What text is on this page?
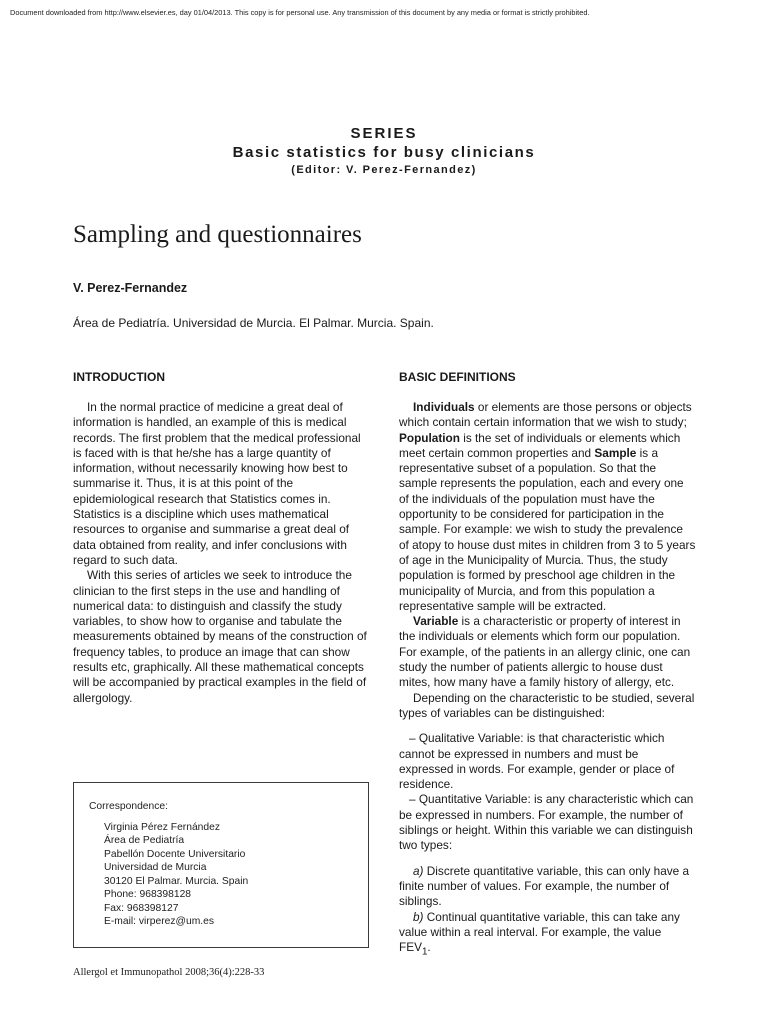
Document downloaded from http://www.elsevier.es, day 01/04/2013. This copy is for personal use. Any transmission of this document by any media or format is strictly prohibited.
SERIES
Basic statistics for busy clinicians
(Editor: V. Perez-Fernandez)
Sampling and questionnaires
V. Perez-Fernandez
Área de Pediatría. Universidad de Murcia. El Palmar. Murcia. Spain.
INTRODUCTION

In the normal practice of medicine a great deal of information is handled, an example of this is medical records. The first problem that the medical professional is faced with is that he/she has a large quantity of information, without necessarily knowing how best to summarise it. Thus, it is at this point of the epidemiological research that Statistics comes in. Statistics is a discipline which uses mathematical resources to organise and summarise a great deal of data obtained from reality, and infer conclusions with regard to such data.

With this series of articles we seek to introduce the clinician to the first steps in the use and handling of numerical data: to distinguish and classify the study variables, to show how to organise and tabulate the measurements obtained by means of the construction of frequency tables, to produce an image that can show results etc, graphically. All these mathematical concepts will be accompanied by practical examples in the field of allergology.

BASIC DEFINITIONS

Individuals or elements are those persons or objects which contain certain information that we wish to study; Population is the set of individuals or elements which meet certain common properties and Sample is a representative subset of a population. So that the sample represents the population, each and every one of the individuals of the population must have the opportunity to be considered for participation in the sample. For example: we wish to study the prevalence of atopy to house dust mites in children from 3 to 5 years of age in the Municipality of Murcia. Thus, the study population is formed by preschool age children in the municipality of Murcia, and from this population a representative sample will be extracted.

Variable is a characteristic or property of interest in the individuals or elements which form our population. For example, of the patients in an allergy clinic, one can study the number of patients allergic to house dust mites, how many have a family history of allergy, etc.

Depending on the characteristic to be studied, several types of variables can be distinguished:

– Qualitative Variable: is that characteristic which cannot be expressed in numbers and must be expressed in words. For example, gender or place of residence.

– Quantitative Variable: is any characteristic which can be expressed in numbers. For example, the number of siblings or height. Within this variable we can distinguish two types:

a) Discrete quantitative variable, this can only have a finite number of values. For example, the number of siblings.

b) Continual quantitative variable, this can take any value within a real interval. For example, the value $FEV_1$.

Correspondence:
Virginia Pérez Fernández
Área de Pediatría
Pabellón Docente Universitario
Universidad de Murcia
30120 El Palmar. Murcia. Spain
Phone: 968398128
Fax: 968398127
E-mail: virperez@um.es
Allergol et Immunopathol 2008;36(4):228-33
